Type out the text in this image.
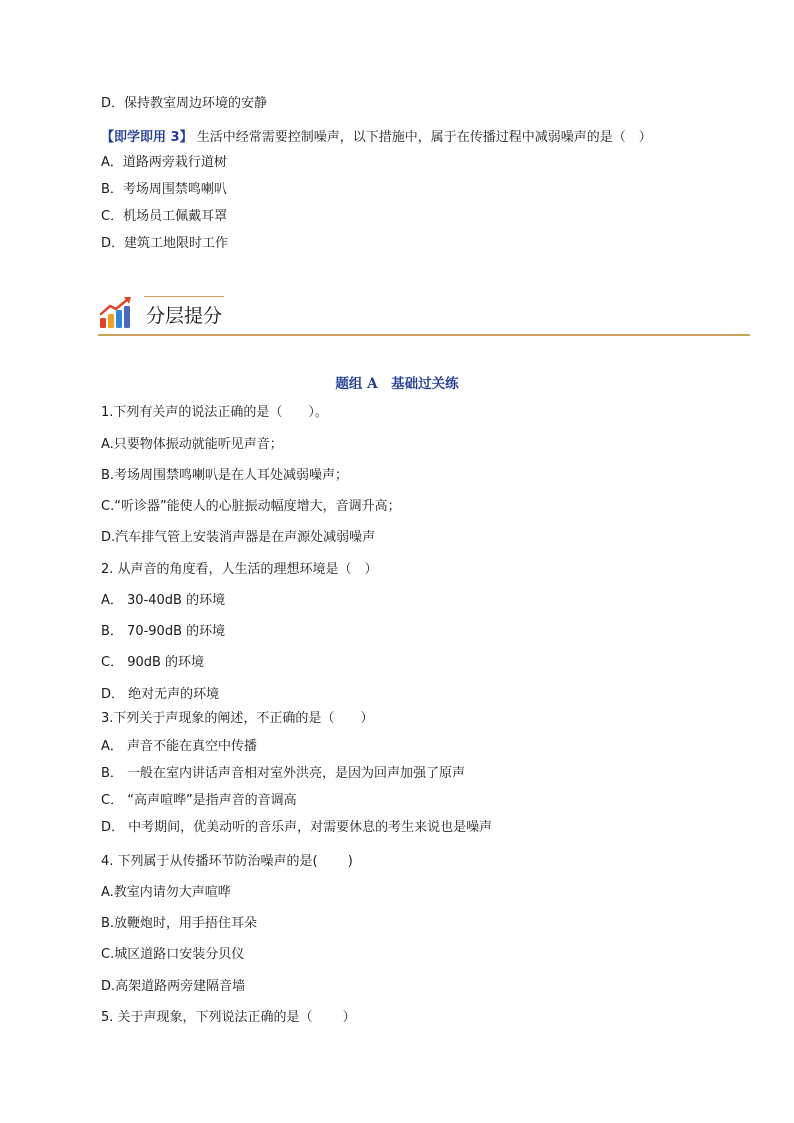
D．保持教室周边环境的安静
【即学即用 3】 生活中经常需要控制噪声，以下措施中，属于在传播过程中减弱噪声的是（　）
A．道路两旁栽行道树
B．考场周围禁鸣喇叭
C．机场员工佩戴耳罩
D．建筑工地限时工作
分层提分
题组 A　基础过关练
1.下列有关声的说法正确的是（　　）。
A.只要物体振动就能听见声音；
B.考场周围禁鸣喇叭是在人耳处减弱噪声；
C.“听诊器”能使人的心脏振动幅度增大，音调升高；
D.汽车排气管上安装消声器是在声源处减弱噪声
2. 从声音的角度看，人生活的理想环境是（　）
A． 30-40dB 的环境
B． 70-90dB 的环境
C． 90dB 的环境
D． 绝对无声的环境
3.下列关于声现象的阐述，不正确的是（　　）
A． 声音不能在真空中传播
B． 一般在室内讲话声音相对室外洪亮，是因为回声加强了原声
C． “高声喧哗”是指声音的音调高
D． 中考期间，优美动听的音乐声，对需要休息的考生来说也是噪声
4. 下列属于从传播环节防治噪声的是(　　 )
A.教室内请勿大声喧哗
B.放鞭炮时，用手捂住耳朵
C.城区道路口安装分贝仪
D.高架道路两旁建隔音墙
5. 关于声现象，下列说法正确的是（　　 ）
